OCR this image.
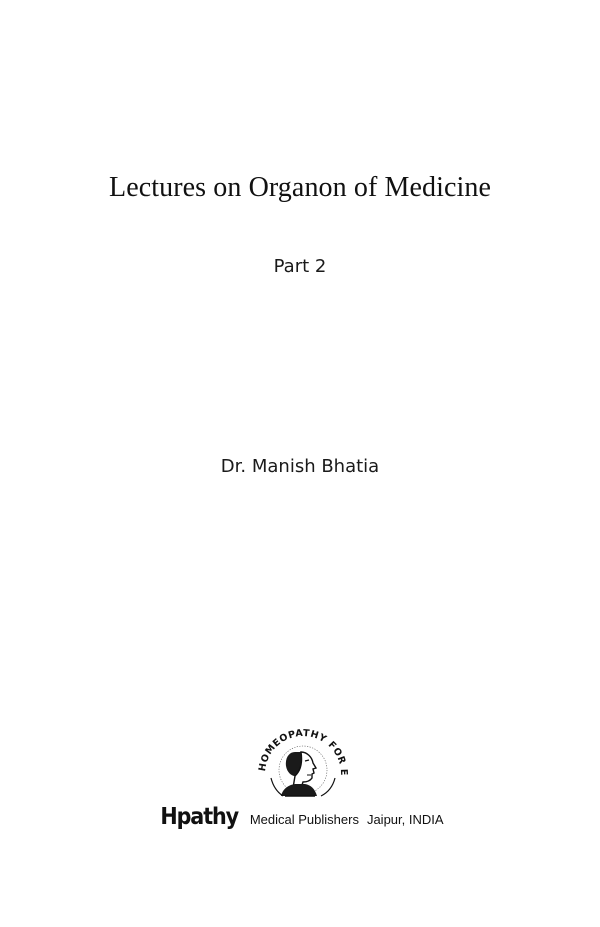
Lectures on Organon of Medicine
Part 2
Dr. Manish Bhatia
HOMEOPATHY FOR E
Hpathy Medical Publishers Jaipur, INDIA
